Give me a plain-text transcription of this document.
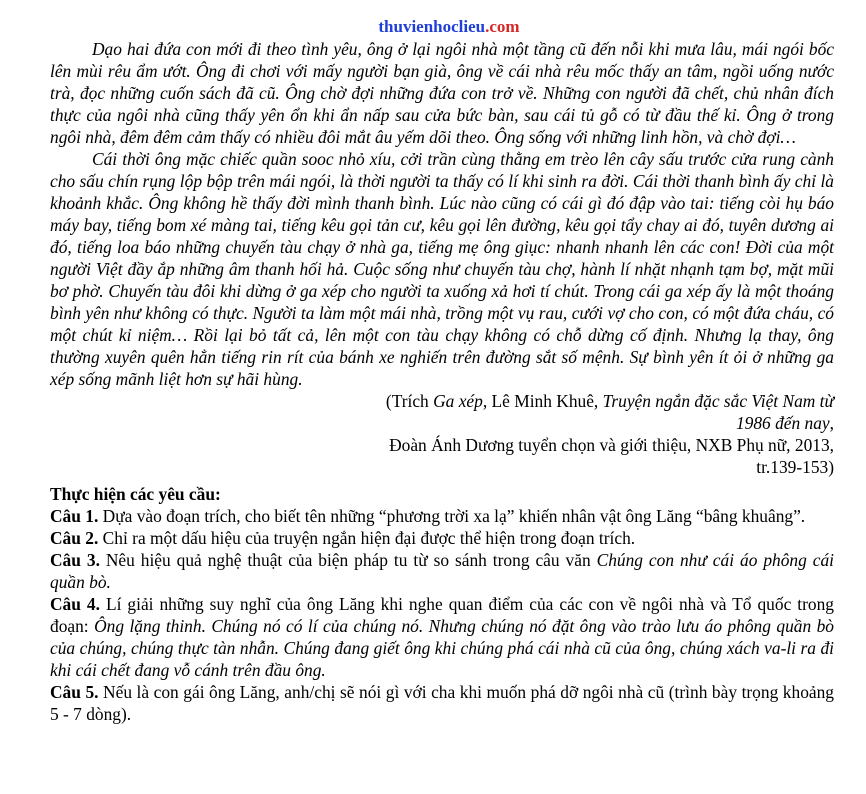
thuvienhoclieu.com

Dạo hai đứa con mới đi theo tình yêu, ông ở lại ngôi nhà một tầng cũ đến nỗi khi mưa lâu, mái ngói bốc lên mùi rêu ẩm ướt. Ông đi chơi với mấy người bạn già, ông về cái nhà rêu mốc thấy an tâm, ngồi uống nước trà, đọc những cuốn sách đã cũ. Ông chờ đợi những đứa con trở về. Những con người đã chết, chủ nhân đích thực của ngôi nhà cũng thấy yên ổn khi ẩn nấp sau cửa bức bàn, sau cái tủ gỗ có từ đầu thế kỉ. Ông ở trong ngôi nhà, đêm đêm cảm thấy có nhiều đôi mắt âu yếm dõi theo. Ông sống với những linh hồn, và chờ đợi…

Cái thời ông mặc chiếc quần sooc nhỏ xíu, cởi trần cùng thằng em trèo lên cây sấu trước cửa rung cành cho sấu chín rụng lộp bộp trên mái ngói, là thời người ta thấy có lí khi sinh ra đời. Cái thời thanh bình ấy chỉ là khoảnh khắc. Ông không hề thấy đời mình thanh bình. Lúc nào cũng có cái gì đó đập vào tai: tiếng còi hụ báo máy bay, tiếng bom xé màng tai, tiếng kêu gọi tản cư, kêu gọi lên đường, kêu gọi tẩy chay ai đó, tuyên dương ai đó, tiếng loa báo những chuyến tàu chạy ở nhà ga, tiếng mẹ ông giục: nhanh nhanh lên các con! Đời của một người Việt đầy ắp những âm thanh hối hả. Cuộc sống như chuyến tàu chợ, hành lí nhặt nhạnh tạm bợ, mặt mũi bơ phờ. Chuyến tàu đôi khi dừng ở ga xép cho người ta xuống xả hơi tí chút. Trong cái ga xép ấy là một thoáng bình yên như không có thực. Người ta làm một mái nhà, trồng một vụ rau, cưới vợ cho con, có một đứa cháu, có một chút kỉ niệm… Rồi lại bỏ tất cả, lên một con tàu chạy không có chỗ dừng cố định. Nhưng lạ thay, ông thường xuyên quên hẳn tiếng rin rít của bánh xe nghiến trên đường sắt số mệnh. Sự bình yên ít ỏi ở những ga xép sống mãnh liệt hơn sự hãi hùng.

(Trích Ga xép, Lê Minh Khuê, Truyện ngắn đặc sắc Việt Nam từ

1986 đến nay,

Đoàn Ánh Dương tuyển chọn và giới thiệu, NXB Phụ nữ, 2013,

tr.139-153)

Thực hiện các yêu cầu:

Câu 1. Dựa vào đoạn trích, cho biết tên những “phương trời xa lạ” khiến nhân vật ông Lăng “bâng khuâng”.

Câu 2. Chỉ ra một dấu hiệu của truyện ngắn hiện đại được thể hiện trong đoạn trích.

Câu 3. Nêu hiệu quả nghệ thuật của biện pháp tu từ so sánh trong câu văn Chúng con như cái áo phông cái quần bò.

Câu 4. Lí giải những suy nghĩ của ông Lăng khi nghe quan điểm của các con về ngôi nhà và Tổ quốc trong đoạn: Ông lặng thinh. Chúng nó có lí của chúng nó. Nhưng chúng nó đặt ông vào trào lưu áo phông quần bò của chúng, chúng thực tàn nhẫn. Chúng đang giết ông khi chúng phá cái nhà cũ của ông, chúng xách va-li ra đi khi cái chết đang vỗ cánh trên đầu ông.

Câu 5. Nếu là con gái ông Lăng, anh/chị sẽ nói gì với cha khi muốn phá dỡ ngôi nhà cũ (trình bày trọng khoảng 5 - 7 dòng).
